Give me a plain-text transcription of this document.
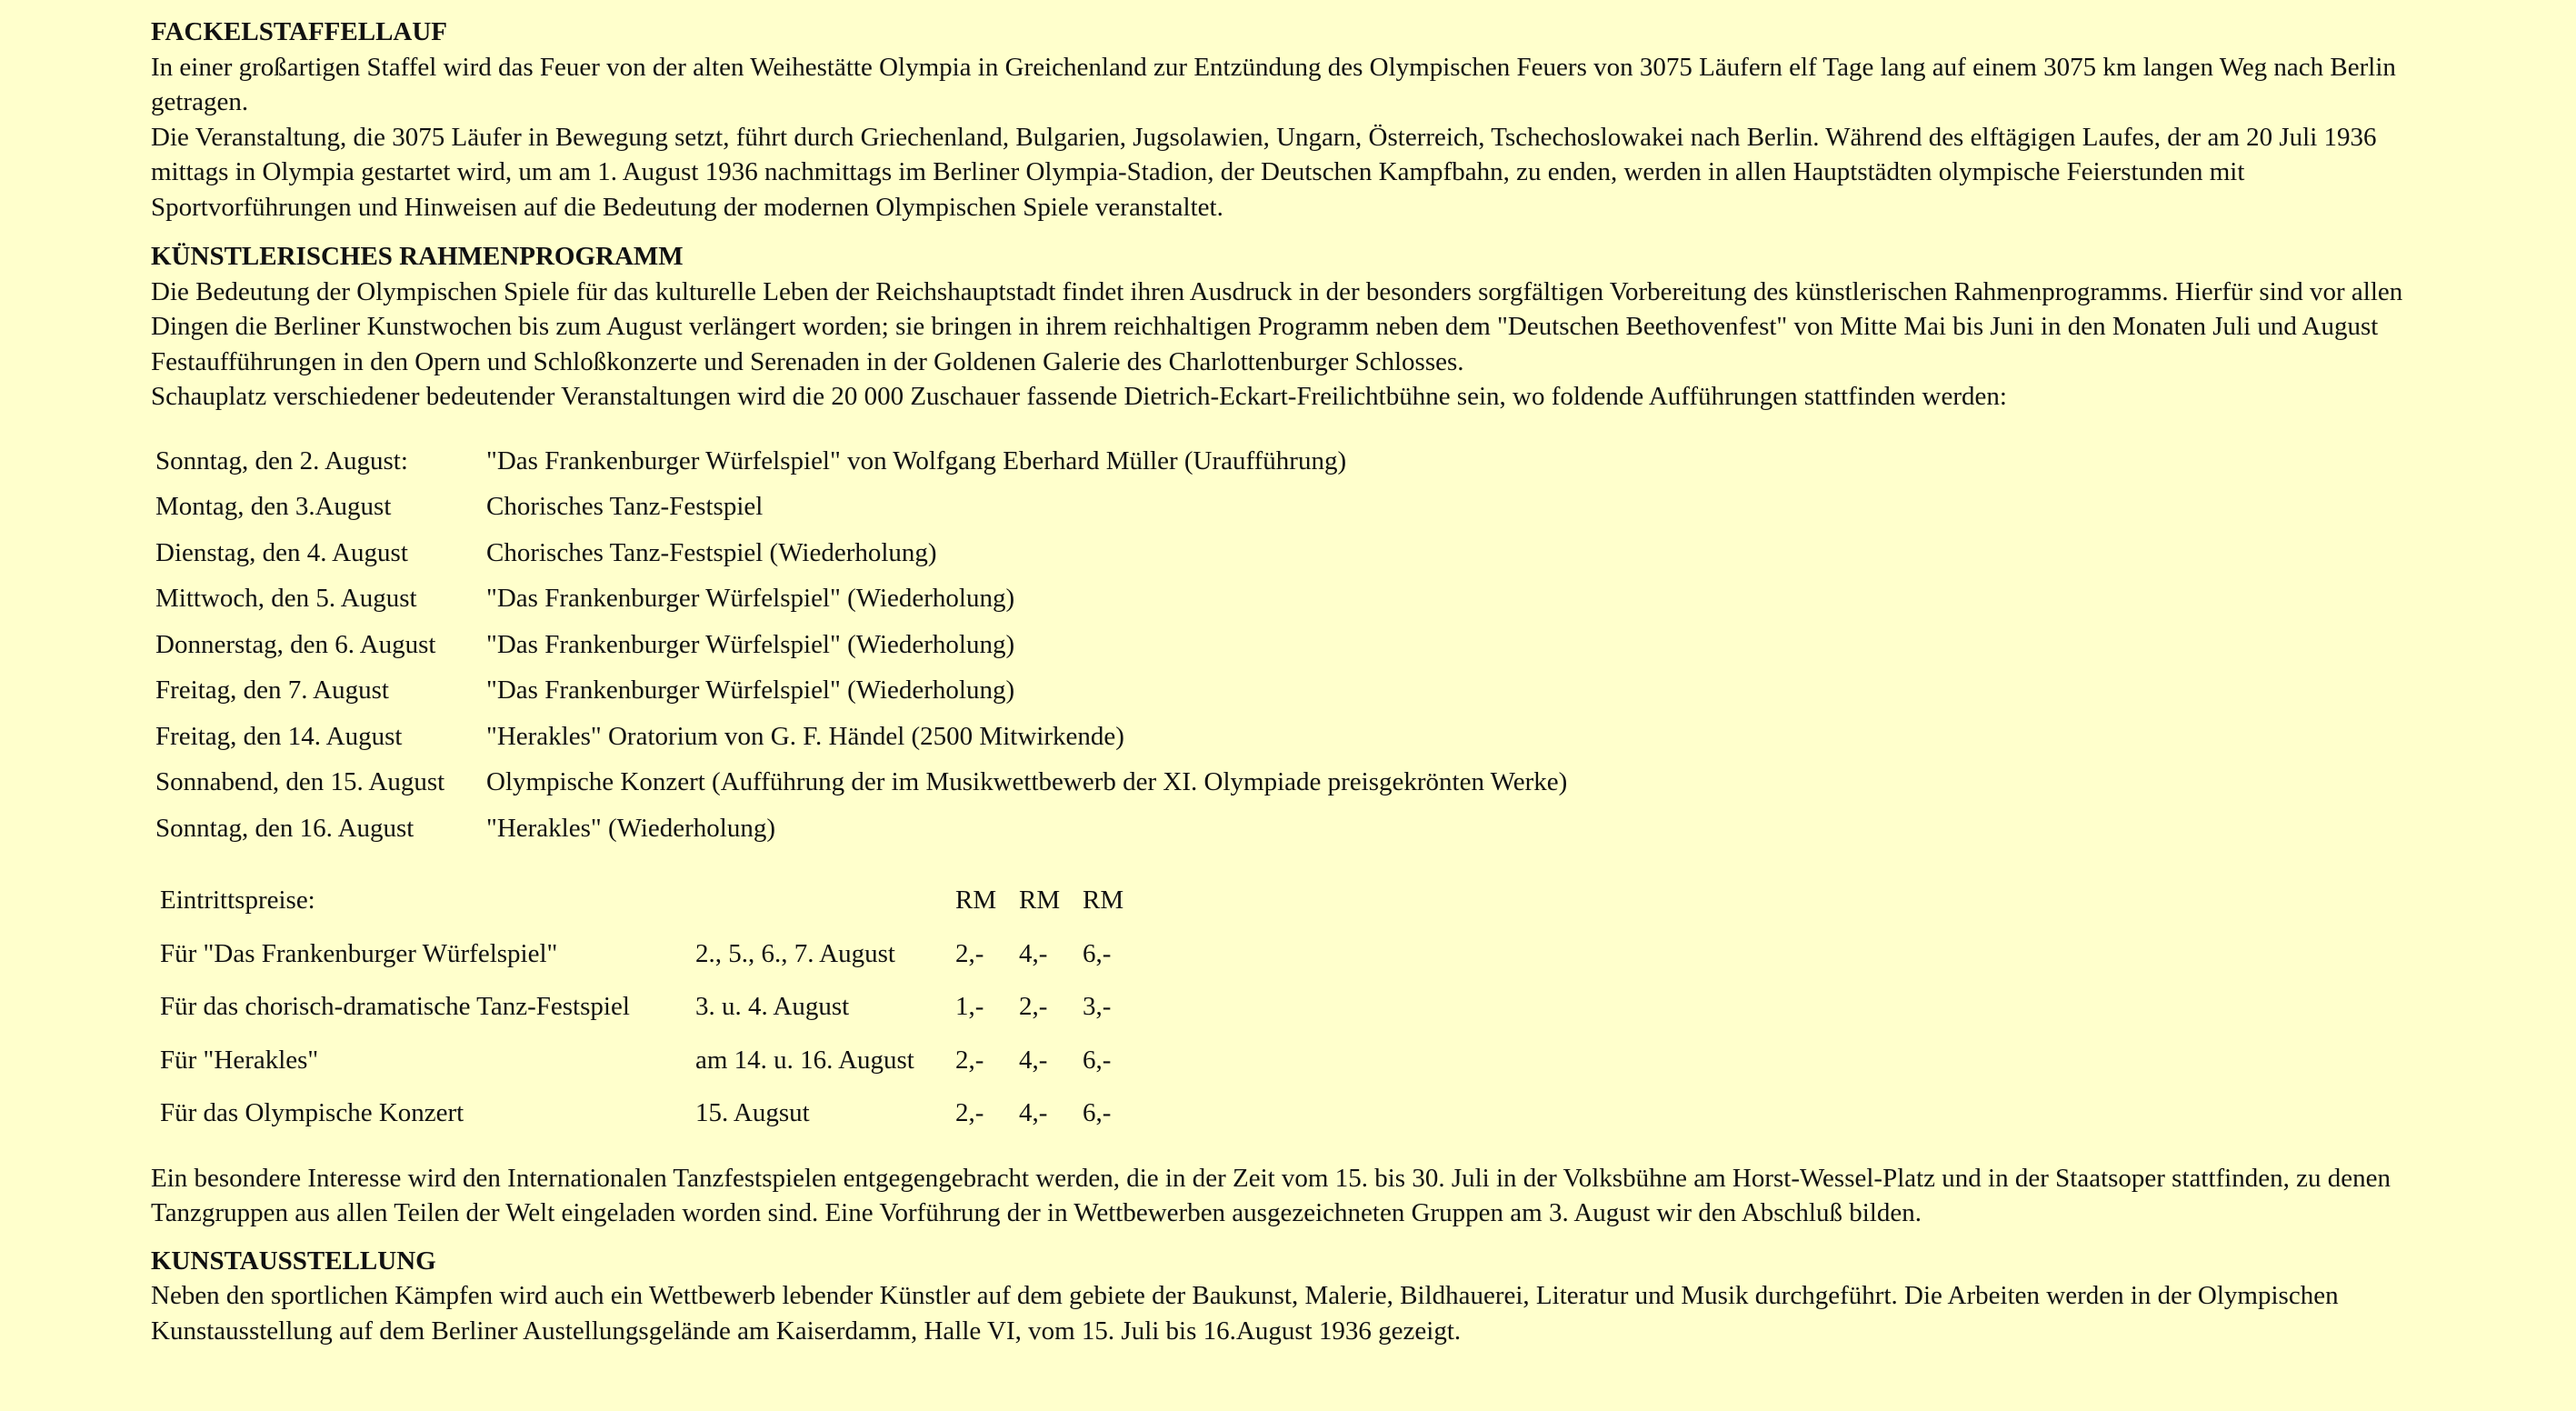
FACKELSTAFFELLAUF

In einer großartigen Staffel wird das Feuer von der alten Weihestätte Olympia in Greichenland zur Entzündung des Olympischen Feuers von 3075 Läufern elf Tage lang auf einem 3075 km langen Weg nach Berlin getragen.

Die Veranstaltung, die 3075 Läufer in Bewegung setzt, führt durch Griechenland, Bulgarien, Jugsolawien, Ungarn, Österreich, Tschechoslowakei nach Berlin. Während des elftägigen Laufes, der am 20 Juli 1936 mittags in Olympia gestartet wird, um am 1. August 1936 nachmittags im Berliner Olympia-Stadion, der Deutschen Kampfbahn, zu enden, werden in allen Hauptstädten olympische Feierstunden mit Sportvorführungen und Hinweisen auf die Bedeutung der modernen Olympischen Spiele veranstaltet.

KÜNSTLERISCHES RAHMENPROGRAMM

Die Bedeutung der Olympischen Spiele für das kulturelle Leben der Reichshauptstadt findet ihren Ausdruck in der besonders sorgfältigen Vorbereitung des künstlerischen Rahmenprogramms. Hierfür sind vor allen Dingen die Berliner Kunstwochen bis zum August verlängert worden; sie bringen in ihrem reichhaltigen Programm neben dem "Deutschen Beethovenfest" von Mitte Mai bis Juni in den Monaten Juli und August Festaufführungen in den Opern und Schloßkonzerte und Serenaden in der Goldenen Galerie des Charlottenburger Schlosses.

Schauplatz verschiedener bedeutender Veranstaltungen wird die 20 000 Zuschauer fassende Dietrich-Eckart-Freilichtbühne sein, wo foldende Aufführungen stattfinden werden:

Sonntag, den 2. August:	"Das Frankenburger Würfelspiel" von Wolfgang Eberhard Müller (Uraufführung)
Montag, den 3.August	Chorisches Tanz-Festspiel
Dienstag, den 4. August	Chorisches Tanz-Festspiel (Wiederholung)
Mittwoch, den 5. August	"Das Frankenburger Würfelspiel" (Wiederholung)
Donnerstag, den 6. August	"Das Frankenburger Würfelspiel" (Wiederholung)
Freitag, den 7. August	"Das Frankenburger Würfelspiel" (Wiederholung)
Freitag, den 14. August	"Herakles" Oratorium von G. F. Händel (2500 Mitwirkende)
Sonnabend, den 15. August	Olympische Konzert (Aufführung der im Musikwettbewerb der XI. Olympiade preisgekrönten Werke)
Sonntag, den 16. August	"Herakles" (Wiederholung)
Eintrittspreise:		RM	RM	RM
Für "Das Frankenburger Würfelspiel"	2., 5., 6., 7. August	2,-	4,-	6,-
Für das chorisch-dramatische Tanz-Festspiel	3. u. 4. August	1,-	2,-	3,-
Für "Herakles"	am 14. u. 16. August	2,-	4,-	6,-
Für das Olympische Konzert	15. Augsut	2,-	4,-	6,-

Ein besondere Interesse wird den Internationalen Tanzfestspielen entgegengebracht werden, die in der Zeit vom 15. bis 30. Juli in der Volksbühne am Horst-Wessel-Platz und in der Staatsoper stattfinden, zu denen Tanzgruppen aus allen Teilen der Welt eingeladen worden sind. Eine Vorführung der in Wettbewerben ausgezeichneten Gruppen am 3. August wir den Abschluß bilden.

KUNSTAUSSTELLUNG

Neben den sportlichen Kämpfen wird auch ein Wettbewerb lebender Künstler auf dem gebiete der Baukunst, Malerie, Bildhauerei, Literatur und Musik durchgeführt. Die Arbeiten werden in der Olympischen Kunstausstellung auf dem Berliner Austellungsgelände am Kaiserdamm, Halle VI, vom 15. Juli bis 16.August 1936 gezeigt.
